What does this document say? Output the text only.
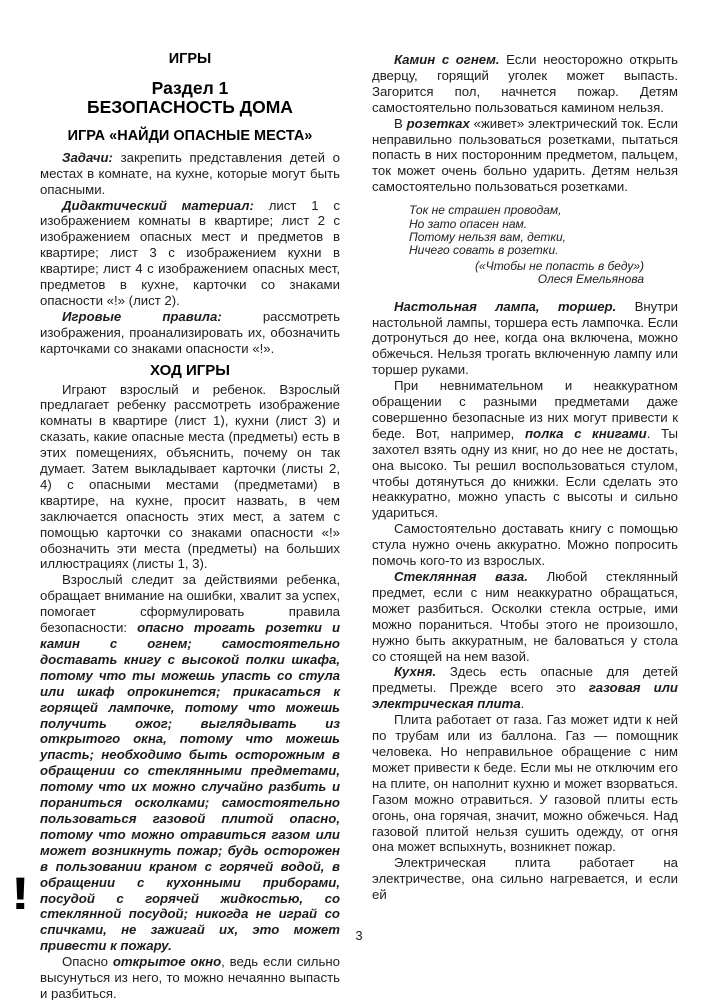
ИГРЫ
Раздел 1
БЕЗОПАСНОСТЬ ДОМА
ИГРА «НАЙДИ ОПАСНЫЕ МЕСТА»

Задачи: закрепить представления детей о местах в комнате, на кухне, которые могут быть опасными.

Дидактический материал: лист 1 с изображением комнаты в квартире; лист 2 с изображением опасных мест и предметов в квартире; лист 3 с изображением кухни в квартире; лист 4 с изображением опасных мест, предметов в кухне, карточки со знаками опасности «!» (лист 2).

Игровые правила:	рассмотреть изображения, проанализировать их, обозначить карточками со знаками опасности «!».

ХОД ИГРЫ

Играют взрослый и ребенок. Взрослый предлагает ребенку рассмотреть изображение комнаты в квартире (лист 1), кухни (лист 3) и сказать, какие опасные места (предметы) есть в этих помещениях, объяснить, почему он так думает. Затем выкладывает карточки (листы 2, 4) с опасными местами (предметами) в квартире, на кухне, просит назвать, в чем заключается опасность этих мест, а затем с помощью карточки со знаками опасности «!» обозначить эти места (предметы) на больших иллюстрациях (листы 1, 3).

Взрослый следит за действиями ребенка, обращает внимание на ошибки, хвалит за успех, помогает сформулировать правила безопасности: опасно трогать розетки и камин с огнем; самостоятельно доставать книгу с высокой полки шкафа, потому что ты можешь упасть со стула или шкаф опрокинется; прикасаться к горящей лампочке, потому что можешь получить ожог; выглядывать из открытого окна, потому что можешь упасть; необходимо быть осторожным в обращении со стеклянными предметами, потому что их можно случайно разбить и пораниться осколками; самостоятельно пользоваться газовой плитой опасно, потому что можно отравиться газом или может возникнуть пожар; будь осторожен в пользовании краном с горячей водой, в обращении с кухонными приборами, посудой с горячей жидкостью, со стеклянной посудой; никогда не играй со спичками, не зажигай их, это может привести к пожару.

Опасно открытое окно, ведь если сильно высунуться из него, то можно нечаянно выпасть и разбиться.

Камин с огнем. Если неосторожно открыть дверцу, горящий уголек может выпасть. Загорится пол, начнется пожар. Детям самостоятельно пользоваться камином нельзя.

В розетках «живет» электрический ток. Если неправильно пользоваться розетками, пытаться попасть в них посторонним предметом, пальцем, ток может очень больно ударить. Детям нельзя самостоятельно пользоваться розетками.

Ток не страшен проводам,
Но зато опасен нам.
Потому нельзя вам, детки,
Ничего совать в розетки.
(«Чтобы не попасть в беду»)
Олеся Емельянова

Настольная лампа, торшер. Внутри настольной лампы, торшера есть лампочка. Если дотронуться до нее, когда она включена, можно обжечься. Нельзя трогать включенную лампу или торшер руками.

При невнимательном и неаккуратном обращении с разными предметами даже совершенно безопасные из них могут привести к беде. Вот, например, полка с книгами. Ты захотел взять одну из книг, но до нее не достать, она высоко. Ты решил воспользоваться стулом, чтобы дотянуться до книжки. Если сделать это неаккуратно, можно упасть с высоты и сильно удариться.

Самостоятельно доставать книгу с помощью стула нужно очень аккуратно. Можно попросить помочь кого-то из взрослых.

Стеклянная ваза. Любой стеклянный предмет, если с ним неаккуратно обращаться, может разбиться. Осколки стекла острые, ими можно пораниться. Чтобы этого не произошло, нужно быть аккуратным, не баловаться у стола со стоящей на нем вазой.

Кухня. Здесь есть опасные для детей предметы. Прежде всего это газовая или электрическая плита.

Плита работает от газа. Газ может идти к ней по трубам или из баллона. Газ — помощник человека. Но неправильное обращение с ним может привести к беде. Если мы не отключим его на плите, он наполнит кухню и может взорваться. Газом можно отравиться. У газовой плиты есть огонь, она горячая, значит, можно обжечься. Над газовой плитой нельзя сушить одежду, от огня она может вспыхнуть, возникнет пожар.

Электрическая плита работает на электричестве, она сильно нагревается, и если ей

!
3
